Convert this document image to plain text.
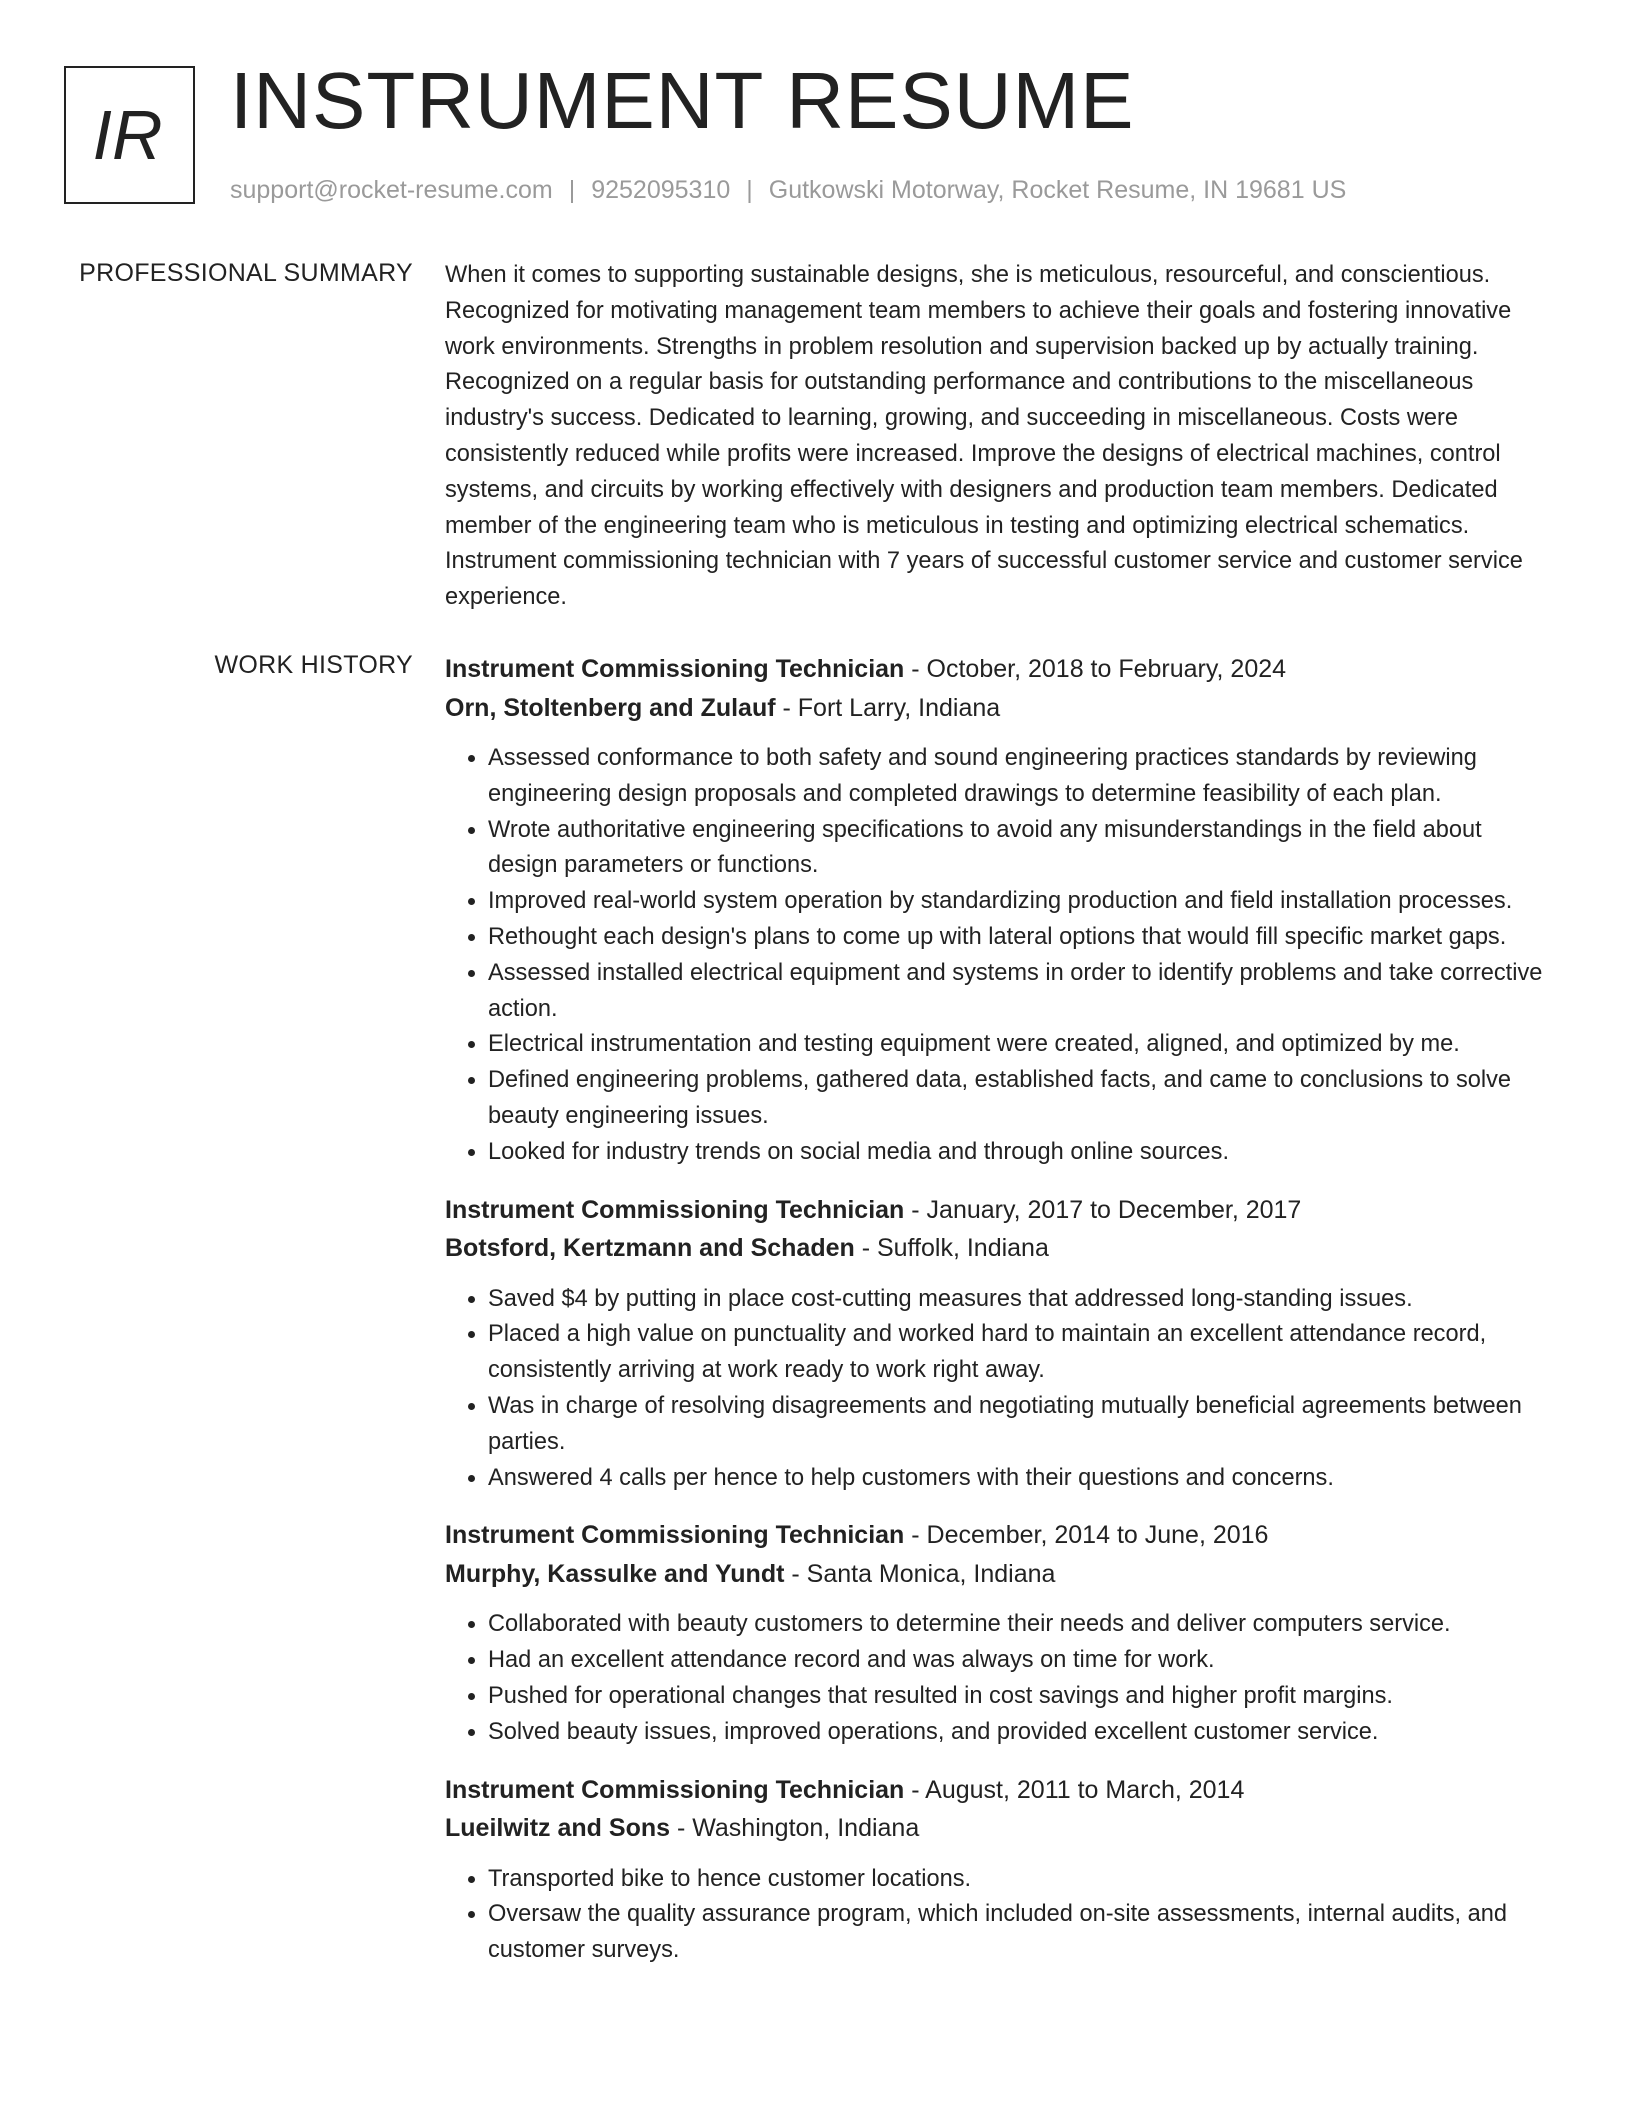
IR INSTRUMENT RESUME
support@rocket-resume.com | 9252095310 | Gutkowski Motorway, Rocket Resume, IN 19681 US
PROFESSIONAL SUMMARY When it comes to supporting sustainable designs, she is meticulous, resourceful, and conscientious. Recognized for motivating management team members to achieve their goals and fostering innovative work environments. Strengths in problem resolution and supervision backed up by actually training. Recognized on a regular basis for outstanding performance and contributions to the miscellaneous industry's success. Dedicated to learning, growing, and succeeding in miscellaneous. Costs were consistently reduced while profits were increased. Improve the designs of electrical machines, control systems, and circuits by working effectively with designers and production team members. Dedicated member of the engineering team who is meticulous in testing and optimizing electrical schematics. Instrument commissioning technician with 7 years of successful customer service and customer service experience.
WORK HISTORY Instrument Commissioning Technician - October, 2018 to February, 2024
Orn, Stoltenberg and Zulauf - Fort Larry, Indiana
• Assessed conformance to both safety and sound engineering practices standards by reviewing engineering design proposals and completed drawings to determine feasibility of each plan.
• Wrote authoritative engineering specifications to avoid any misunderstandings in the field about design parameters or functions.
• Improved real-world system operation by standardizing production and field installation processes.
• Rethought each design's plans to come up with lateral options that would fill specific market gaps.
• Assessed installed electrical equipment and systems in order to identify problems and take corrective action.
• Electrical instrumentation and testing equipment were created, aligned, and optimized by me.
• Defined engineering problems, gathered data, established facts, and came to conclusions to solve beauty engineering issues.
• Looked for industry trends on social media and through online sources.
Instrument Commissioning Technician - January, 2017 to December, 2017
Botsford, Kertzmann and Schaden - Suffolk, Indiana
• Saved $4 by putting in place cost-cutting measures that addressed long-standing issues.
• Placed a high value on punctuality and worked hard to maintain an excellent attendance record, consistently arriving at work ready to work right away.
• Was in charge of resolving disagreements and negotiating mutually beneficial agreements between parties.
• Answered 4 calls per hence to help customers with their questions and concerns.
Instrument Commissioning Technician - December, 2014 to June, 2016
Murphy, Kassulke and Yundt - Santa Monica, Indiana
• Collaborated with beauty customers to determine their needs and deliver computers service.
• Had an excellent attendance record and was always on time for work.
• Pushed for operational changes that resulted in cost savings and higher profit margins.
• Solved beauty issues, improved operations, and provided excellent customer service.
Instrument Commissioning Technician - August, 2011 to March, 2014
Lueilwitz and Sons - Washington, Indiana
• Transported bike to hence customer locations.
• Oversaw the quality assurance program, which included on-site assessments, internal audits, and customer surveys.
